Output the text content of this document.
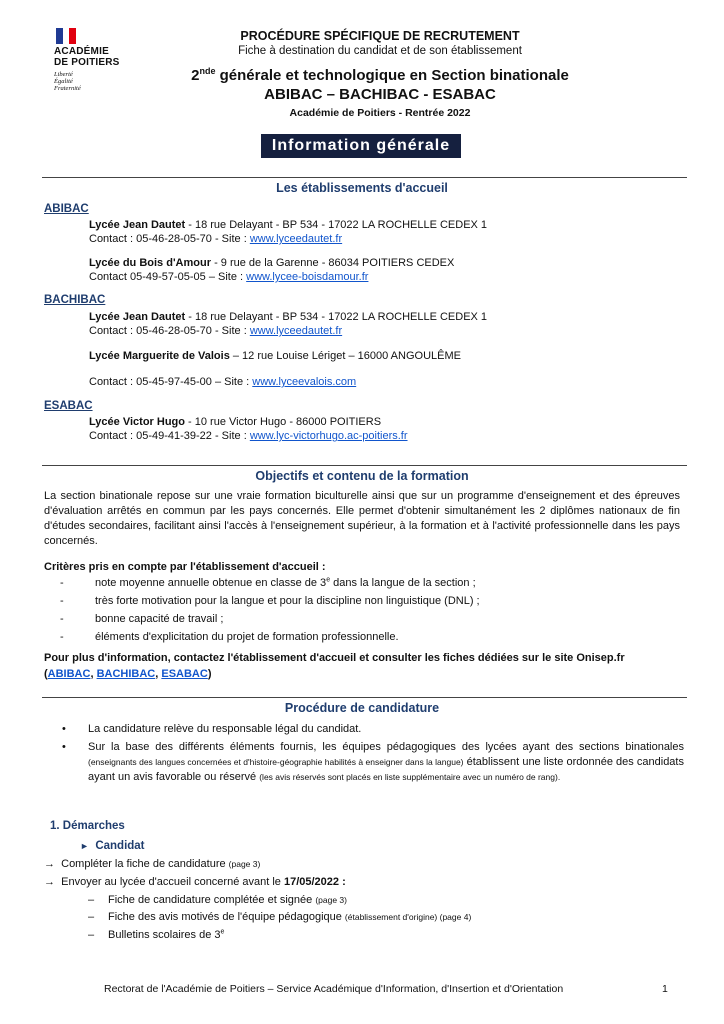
ACADÉMIE
DE POITIERS
Liberté
Égalité
Fraternité
PROCÉDURE SPÉCIFIQUE DE RECRUTEMENT
Fiche à destination du candidat et de son établissement
2nde générale et technologique en Section binationale
ABIBAC – BACHIBAC - ESABAC
Académie de Poitiers - Rentrée 2022
Information générale
Les établissements d'accueil
ABIBAC
Lycée Jean Dautet - 18 rue Delayant - BP 534 - 17022 LA ROCHELLE CEDEX 1
Contact : 05-46-28-05-70 - Site : www.lyceedautet.fr
Lycée du Bois d'Amour - 9 rue de la Garenne - 86034 POITIERS CEDEX
Contact 05-49-57-05-05 – Site : www.lycee-boisdamour.fr
BACHIBAC
Lycée Jean Dautet - 18 rue Delayant - BP 534 - 17022 LA ROCHELLE CEDEX 1
Contact : 05-46-28-05-70 - Site : www.lyceedautet.fr
Lycée Marguerite de Valois – 12 rue Louise Lériget – 16000 ANGOULÊME
Contact : 05-45-97-45-00 – Site : www.lyceevalois.com
ESABAC
Lycée Victor Hugo - 10 rue Victor Hugo - 86000 POITIERS
Contact : 05-49-41-39-22 - Site : www.lyc-victorhugo.ac-poitiers.fr
Objectifs et contenu de la formation
La section binationale repose sur une vraie formation biculturelle ainsi que sur un programme d'enseignement et des épreuves d'évaluation arrêtés en commun par les pays concernés. Elle permet d'obtenir simultanément les 2 diplômes nationaux de fin d'études secondaires, facilitant ainsi l'accès à l'enseignement supérieur, à la formation et à l'activité professionnelle dans les pays concernés.
Critères pris en compte par l'établissement d'accueil :
-	note moyenne annuelle obtenue en classe de 3e dans la langue de la section ;
-	très forte motivation pour la langue et pour la discipline non linguistique (DNL) ;
-	bonne capacité de travail ;
-	éléments d'explicitation du projet de formation professionnelle.
Pour plus d'information, contactez l'établissement d'accueil et consulter les fiches dédiées sur le site Onisep.fr
(ABIBAC, BACHIBAC, ESABAC)
Procédure de candidature
• La candidature relève du responsable légal du candidat.
• Sur la base des différents éléments fournis, les équipes pédagogiques des lycées ayant des sections binationales (enseignants des langues concernées et d'histoire-géographie habilités à enseigner dans la langue) établissent une liste ordonnée des candidats ayant un avis favorable ou réservé (les avis réservés sont placés en liste supplémentaire avec un numéro de rang).
1. Démarches
► Candidat
→ Compléter la fiche de candidature (page 3)
→ Envoyer au lycée d'accueil concerné avant le 17/05/2022 :
– Fiche de candidature complétée et signée (page 3)
– Fiche des avis motivés de l'équipe pédagogique (établissement d'origine) (page 4)
– Bulletins scolaires de 3e
Rectorat de l'Académie de Poitiers – Service Académique d'Information, d'Insertion et d'Orientation	1
